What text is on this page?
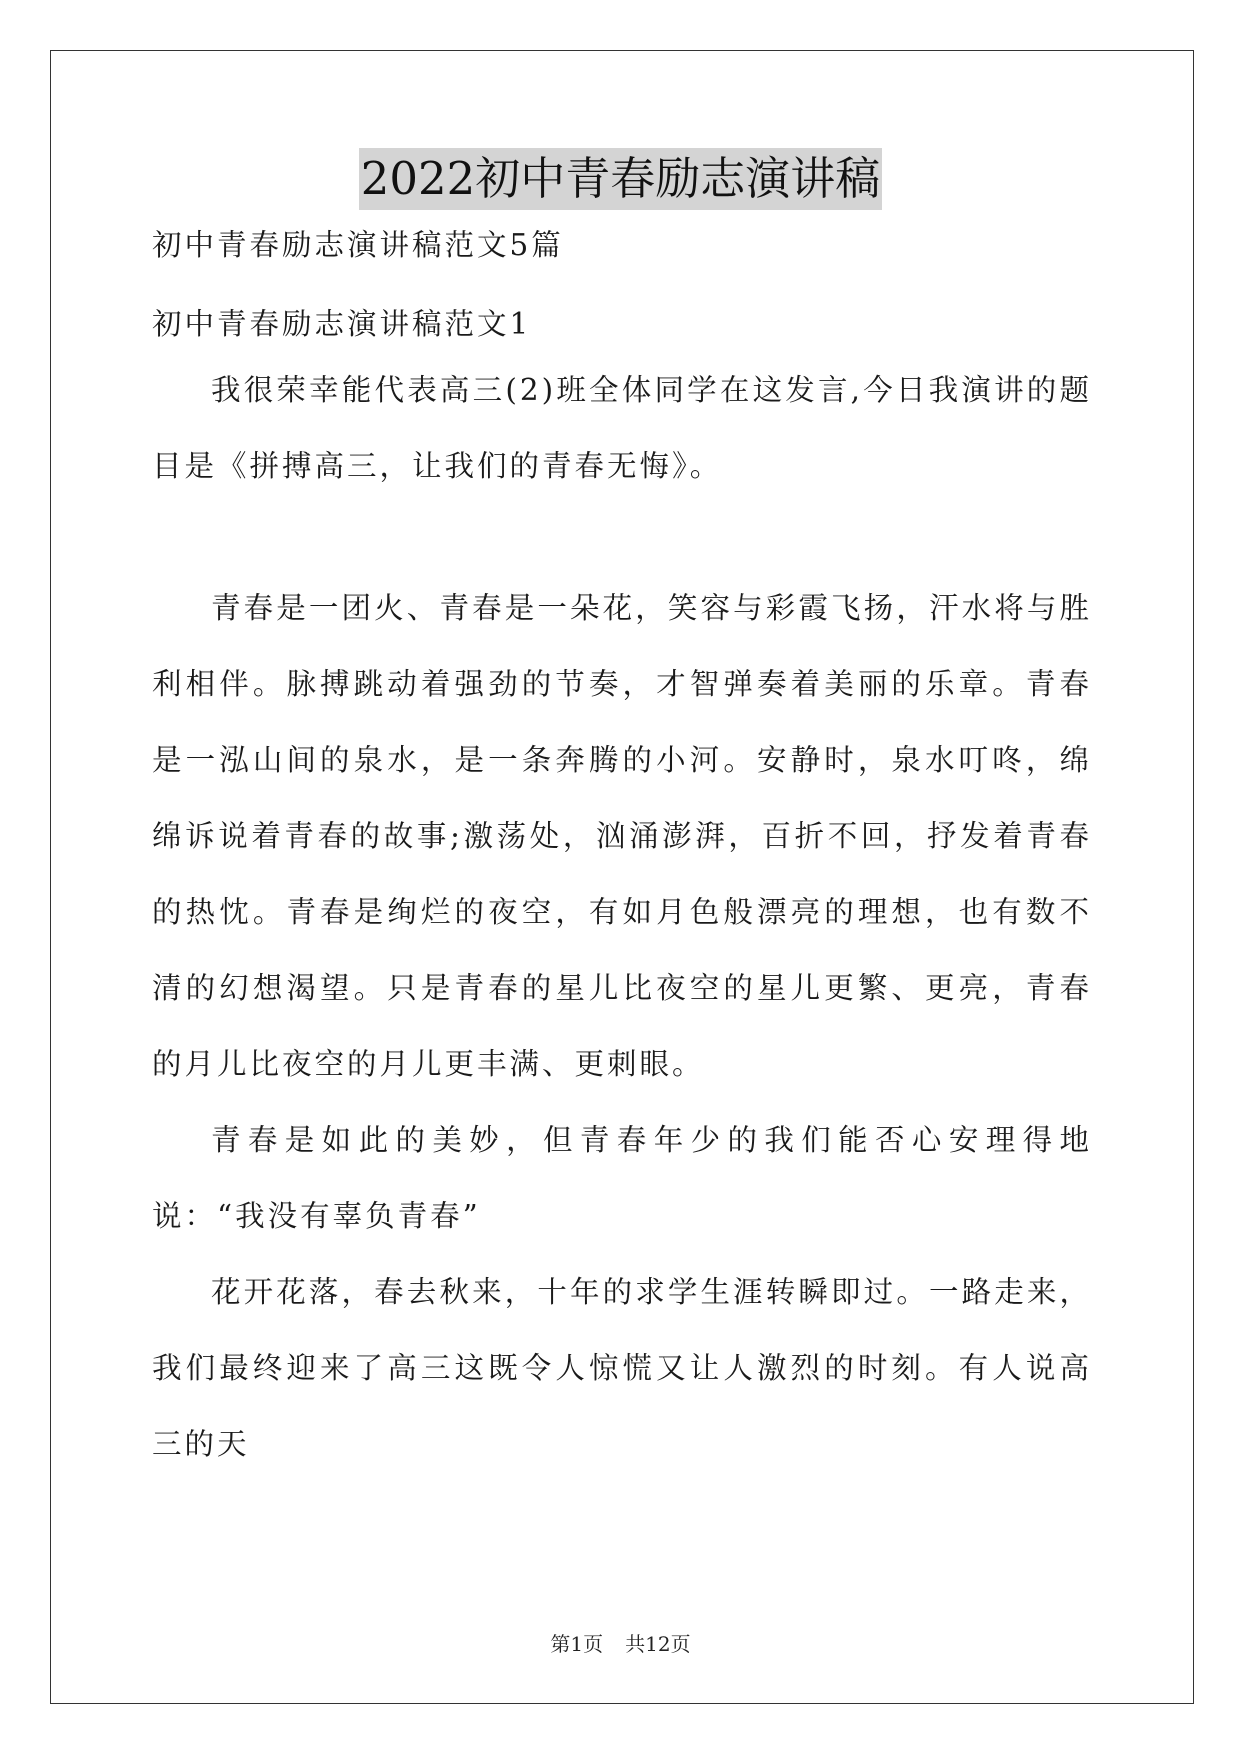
2022初中青春励志演讲稿
初中青春励志演讲稿范文5篇
初中青春励志演讲稿范文1
我很荣幸能代表高三(2)班全体同学在这发言,今日我演讲的题目是《拼搏高三，让我们的青春无悔》。
青春是一团火、青春是一朵花，笑容与彩霞飞扬，汗水将与胜利相伴。脉搏跳动着强劲的节奏，才智弹奏着美丽的乐章。青春是一泓山间的泉水，是一条奔腾的小河。安静时，泉水叮咚，绵绵诉说着青春的故事;激荡处，汹涌澎湃，百折不回，抒发着青春的热忱。青春是绚烂的夜空，有如月色般漂亮的理想，也有数不清的幻想渴望。只是青春的星儿比夜空的星儿更繁、更亮，青春的月儿比夜空的月儿更丰满、更刺眼。
青春是如此的美妙，但青春年少的我们能否心安理得地说：“我没有辜负青春”
花开花落，春去秋来，十年的求学生涯转瞬即过。一路走来，我们最终迎来了高三这既令人惊慌又让人激烈的时刻。有人说高三的天
第1页 共12页
